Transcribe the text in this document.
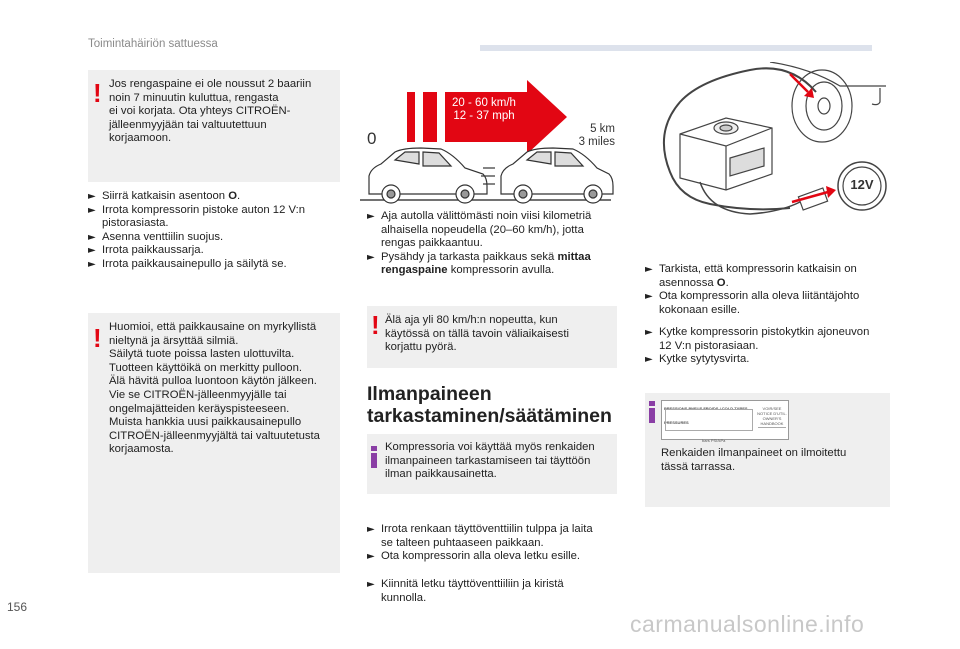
Toimintahäiriön sattuessa
! Jos rengaspaine ei ole noussut 2 baariin
noin 7 minuutin kuluttua, rengasta
ei voi korjata. Ota yhteys CITROËN-
jälleenmyyjään tai valtuutettuun
korjaamoon.
► Siirrä katkaisin asentoon O.
► Irrota kompressorin pistoke auton 12 V:n
pistorasiasta.
► Asenna venttiilin suojus.
► Irrota paikkaussarja.
► Irrota paikkausainepullo ja säilytä se.
! Huomioi, että paikkausaine on myrkyllistä
nieltynä ja ärsyttää silmiä.
Säilytä tuote poissa lasten ulottuvilta.
Tuotteen käyttöikä on merkitty pulloon.
Älä hävitä pulloa luontoon käytön jälkeen.
Vie se CITROËN-jälleenmyyjälle tai
ongelmajätteiden keräyspisteeseen.
Muista hankkia uusi paikkausainepullo
CITROËN-jälleenmyyjältä tai valtuutetusta
korjaamosta.
20 - 60 km/h
12 - 37 mph
0	5 km
3 miles
► Aja autolla välittömästi noin viisi kilometriä
alhaisella nopeudella (20–60 km/h), jotta
rengas paikkaantuu.
► Pysähdy ja tarkasta paikkaus sekä mittaa
rengaspaine kompressorin avulla.
! Älä aja yli 80 km/h:n nopeutta, kun
käytössä on tällä tavoin väliaikaisesti
korjattu pyörä.
Ilmanpaineen
tarkastaminen/säätäminen
Kompressoria voi käyttää myös renkaiden
ilmanpaineen tarkastamiseen tai täyttöön
ilman paikkausainetta.
► Irrota renkaan täyttöventtiilin tulppa ja laita
se talteen puhtaaseen paikkaan.
► Ota kompressorin alla oleva letku esille.
► Kiinnitä letku täyttöventtiiliin ja kiristä
kunnolla.
12V
► Tarkista, että kompressorin katkaisin on
asennossa O.
► Ota kompressorin alla oleva liitäntäjohto
kokonaan esille.
► Kytke kompressorin pistokytkin ajoneuvon
12 V:n pistorasiaan.
► Kytke sytytysvirta.
PRESSIONS PNEUS FROIDS / COLD TYRES PRESSURES
bars PSI/kPa
VOIR/SEE
NOTICE D'UTIL.
OWNER'S HANDBOOK
Renkaiden ilmanpaineet on ilmoitettu
tässä tarrassa.
156
carmanualsonline.info
